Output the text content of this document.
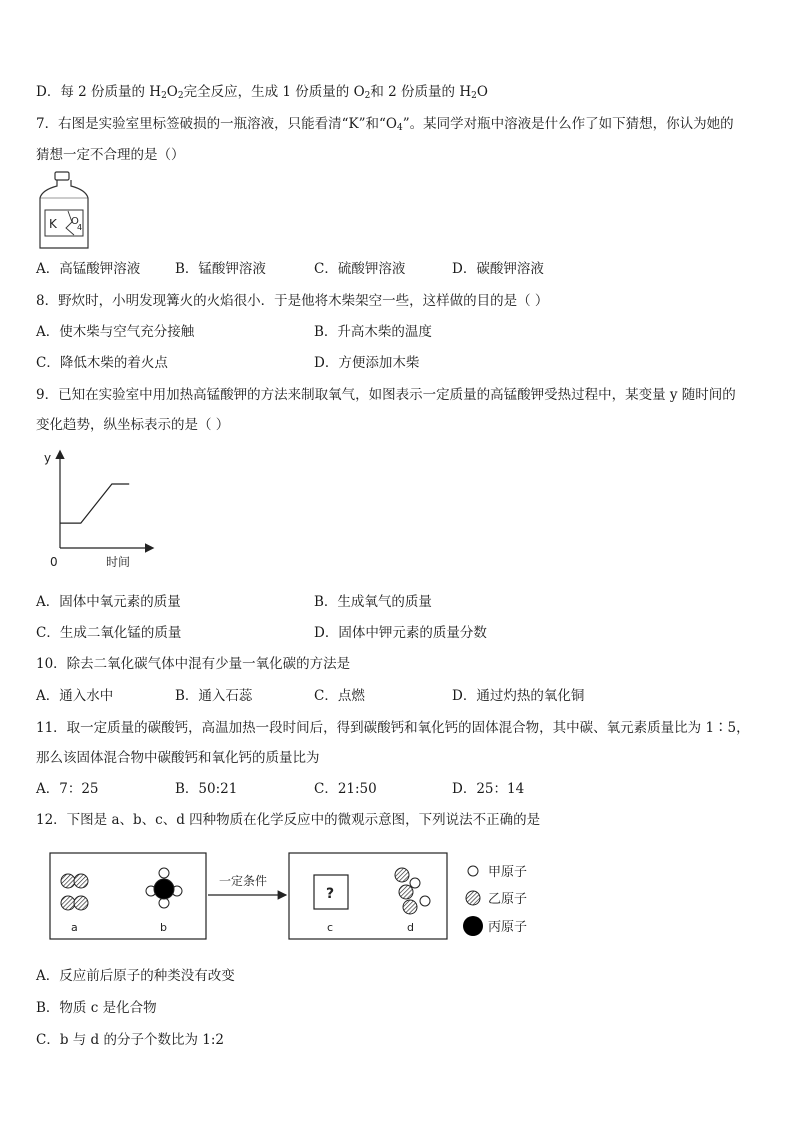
D．每 2 份质量的 $H_2O_2$完全反应，生成 1 份质量的 $O_2$和 2 份质量的 $H_2O$
7．右图是实验室里标签破损的一瓶溶液，只能看清“K”和“$O_4$”。某同学对瓶中溶液是什么作了如下猜想，你认为她的
猜想一定不合理的是（）
K O
4
A．高锰酸钾溶液	B．锰酸钾溶液	C．硫酸钾溶液	D．碳酸钾溶液
8．野炊时，小明发现篝火的火焰很小．于是他将木柴架空一些，这样做的目的是（ ）
A．使木柴与空气充分接触	B．升高木柴的温度
C．降低木柴的着火点	D．方便添加木柴
9．已知在实验室中用加热高锰酸钾的方法来制取氧气，如图表示一定质量的高锰酸钾受热过程中，某变量 y 随时间的
变化趋势，纵坐标表示的是（ ）
y
0	时间
A．固体中氧元素的质量	B．生成氧气的质量
C．生成二氧化锰的质量	D．固体中钾元素的质量分数
10．除去二氧化碳气体中混有少量一氧化碳的方法是
A．通入水中	B．通入石蕊	C．点燃	D．通过灼热的氧化铜
11．取一定质量的碳酸钙，高温加热一段时间后，得到碳酸钙和氧化钙的固体混合物，其中碳、氧元素质量比为 1∶5，
那么该固体混合物中碳酸钙和氧化钙的质量比为
A．7：25	B．50:21	C．21:50	D．25：14
12．下图是 a、b、c、d 四种物质在化学反应中的微观示意图，下列说法不正确的是
a	b
一定条件
?
c	d
甲原子
乙原子
丙原子
A．反应前后原子的种类没有改变
B．物质 c 是化合物
C．b 与 d 的分子个数比为 1:2
